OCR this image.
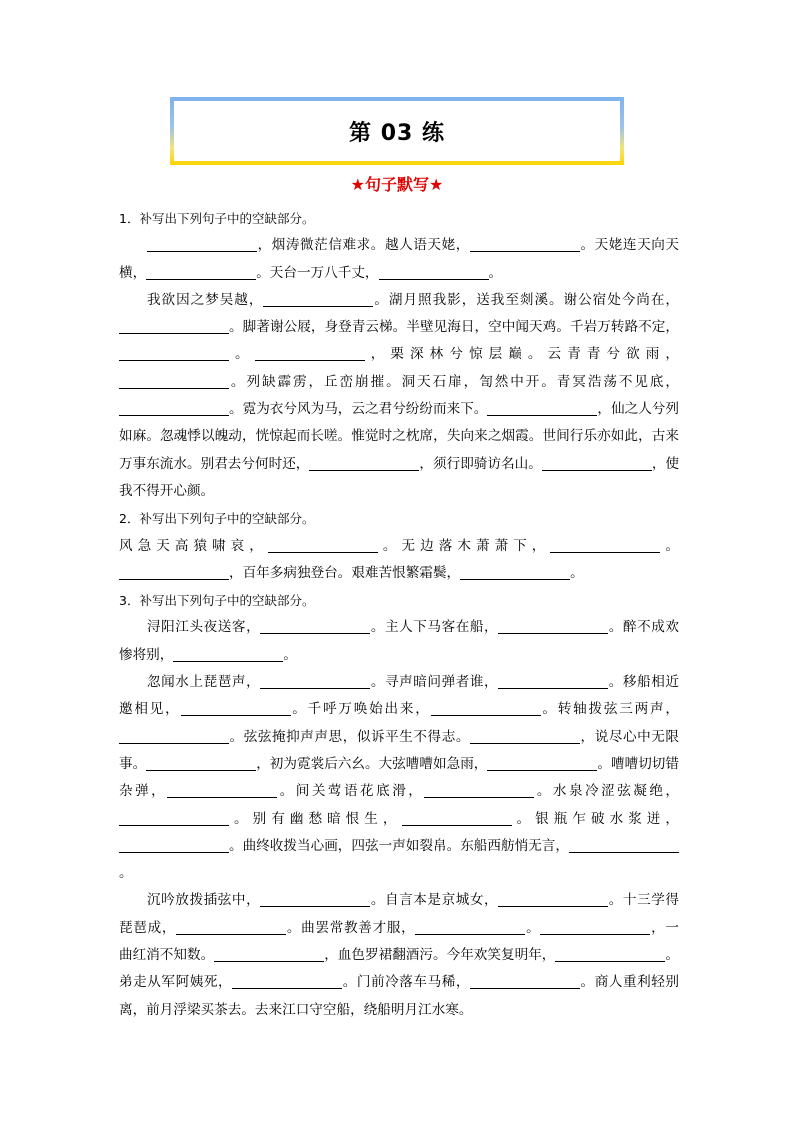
第 03 练
★句子默写★

1．补写出下列句子中的空缺部分。

，烟涛微茫信难求。越人语天姥，	。天姥连天向天横，	。天台一万八千丈，	。

我欲因之梦吴越，	。湖月照我影，送我至剡溪。谢公宿处今尚在，。脚著谢公屐，身登青云梯。半壁见海日，空中闻天鸡。千岩万转路不定，。	，栗深林兮惊层巅。云青青兮欲雨，。列缺霹雳，丘峦崩摧。洞天石扉，訇然中开。青冥浩荡不见底，。霓为衣兮风为马，云之君兮纷纷而来下。	，仙之人兮列如麻。忽魂悸以魄动，恍惊起而长嗟。惟觉时之枕席，失向来之烟霞。世间行乐亦如此，古来万事东流水。别君去兮何时还，	，须行即骑访名山。	，使我不得开心颜。

2．补写出下列句子中的空缺部分。

风急天高猿啸哀，	。无边落木萧萧下，	。，百年多病独登台。艰难苦恨繁霜鬓，	。

3．补写出下列句子中的空缺部分。

浔阳江头夜送客，	。主人下马客在船，	。醉不成欢惨将别，	。

忽闻水上琵琶声，	。寻声暗问弹者谁，	。移船相近邀相见，	。千呼万唤始出来，	。转轴拨弦三两声，。弦弦掩抑声声思，似诉平生不得志。	，说尽心中无限事。	，初为霓裳后六幺。大弦嘈嘈如急雨，	。嘈嘈切切错杂弹，	。间关莺语花底滑，	。水泉冷涩弦凝绝，。别有幽愁暗恨生，	。银瓶乍破水浆迸，。曲终收拨当心画，四弦一声如裂帛。东船西舫悄无言，。

沉吟放拨插弦中，	。自言本是京城女，	。十三学得琵琶成，	。曲罢常教善才服，	。	，一曲红消不知数。	，血色罗裙翻酒污。今年欢笑复明年，	。弟走从军阿姨死，	。门前冷落车马稀，	。商人重利轻别离，前月浮梁买茶去。去来江口守空船，绕船明月江水寒。
